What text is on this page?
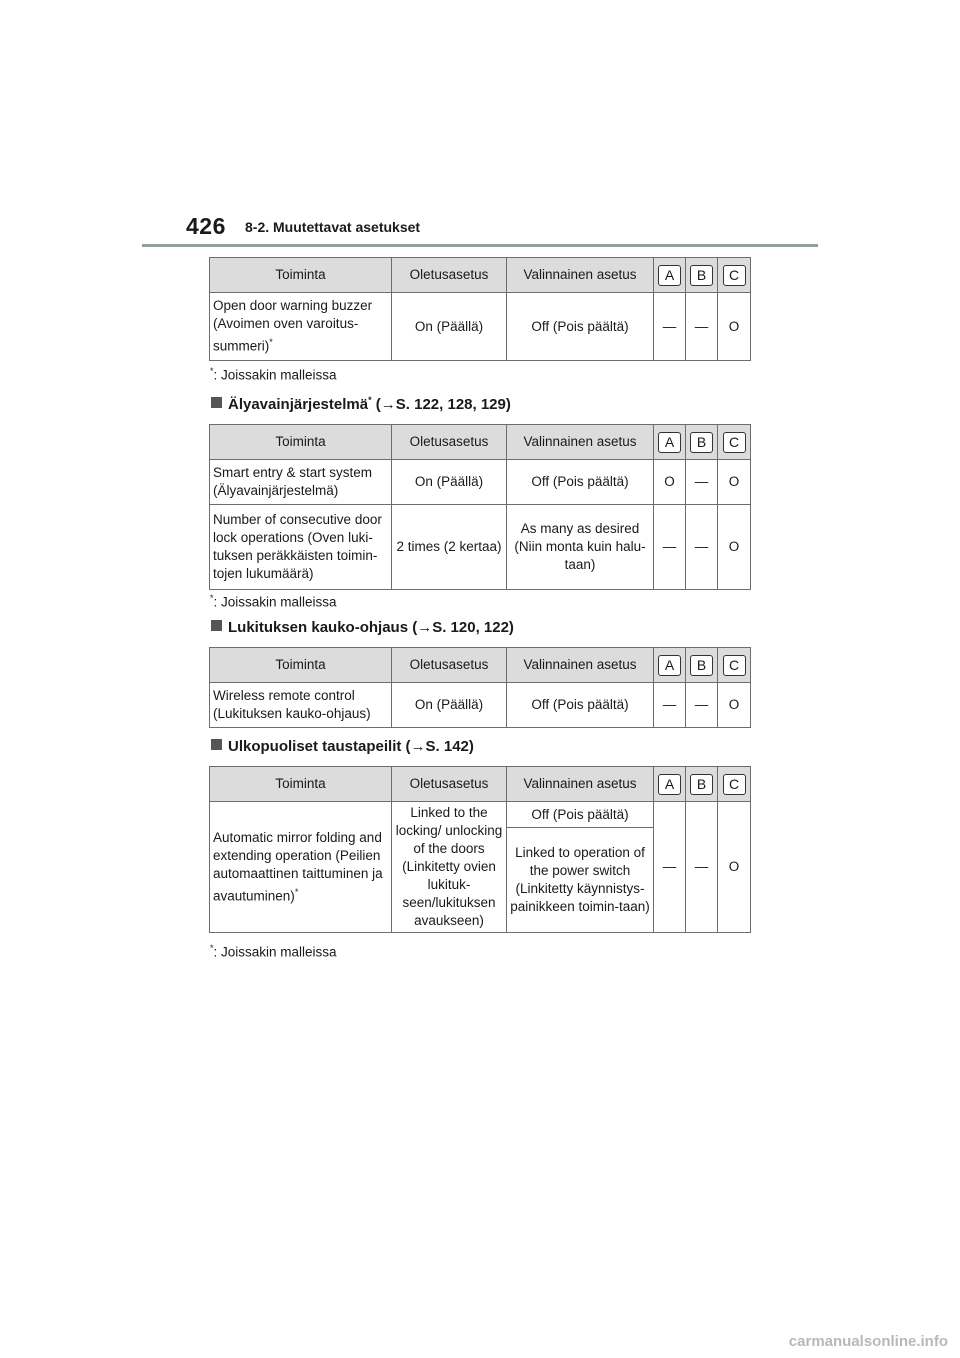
426 8-2. Muutettavat asetukset
Toiminta	Oletusasetus	Valinnainen asetus	A	B	C
Open door warning buzzer (Avoimen oven varoitus-summeri)*	On (Päällä)	Off (Pois päältä)	—	—	O
*: Joissakin malleissa
Älyavainjärjestelmä* (→S. 122, 128, 129)
Toiminta	Oletusasetus	Valinnainen asetus	A	B	C
Smart entry & start system (Älyavainjärjestelmä)	On (Päällä)	Off (Pois päältä)	O	—	O
Number of consecutive door lock operations (Oven luki-tuksen peräkkäisten toimin-tojen lukumäärä)	2 times (2 kertaa)	As many as desired (Niin monta kuin halu-taan)	—	—	O
*: Joissakin malleissa
Lukituksen kauko-ohjaus (→S. 120, 122)
Toiminta	Oletusasetus	Valinnainen asetus	A	B	C
Wireless remote control (Lukituksen kauko-ohjaus)	On (Päällä)	Off (Pois päältä)	—	—	O
Ulkopuoliset taustapeilit (→S. 142)
Toiminta	Oletusasetus	Valinnainen asetus	A	B	C
Automatic mirror folding and extending operation (Peilien automaattinen taittuminen ja avautuminen)*	Linked to the locking/ unlocking of the doors (Linkitetty ovien lukituk-seen/lukituksen avaukseen)	Off (Pois päältä)	—	—	O
		Linked to operation of the power switch (Linkitetty käynnistys-painikkeen toimin-taan)			
*: Joissakin malleissa
carmanualsonline.info
